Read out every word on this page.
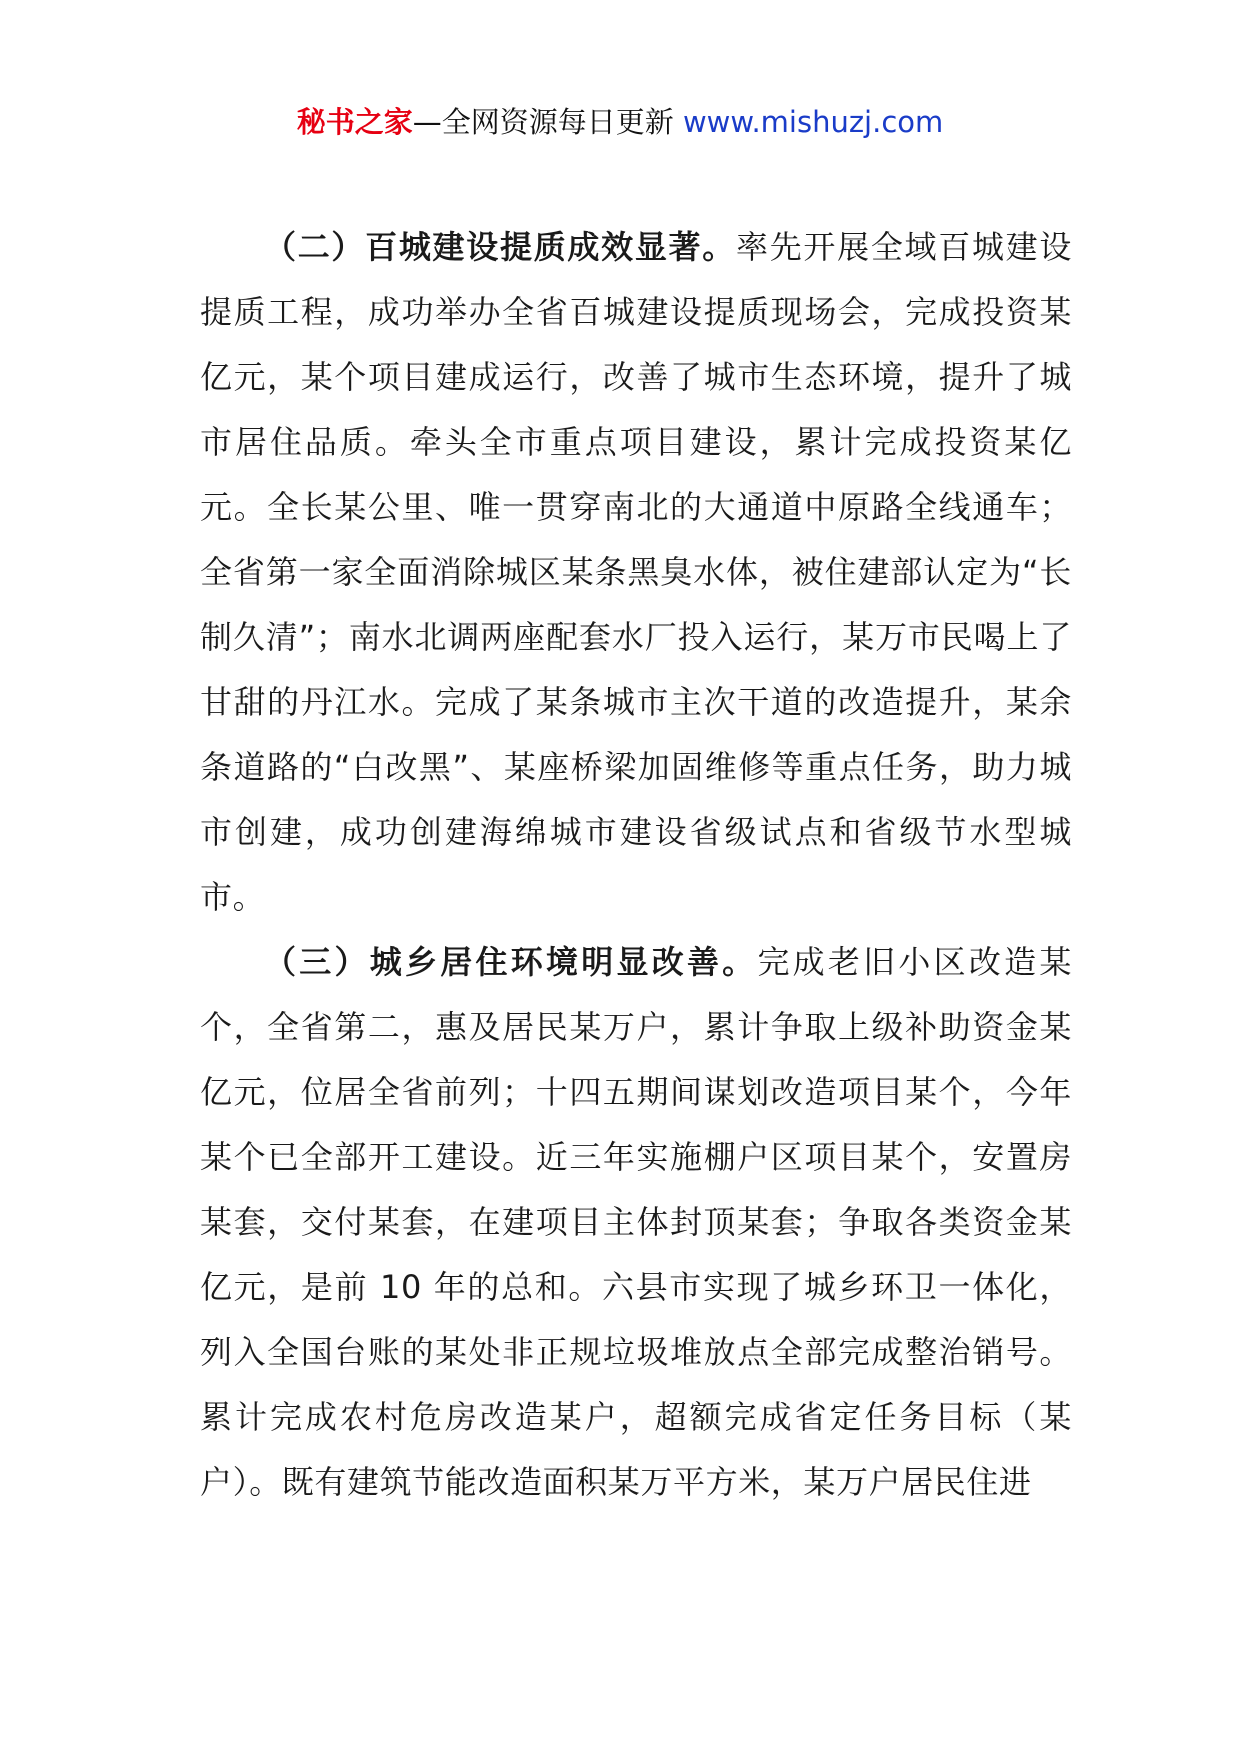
秘书之家—全网资源每日更新 www.mishuzj.com

（二）百城建设提质成效显著。率先开展全域百城建设提质工程，成功举办全省百城建设提质现场会，完成投资某亿元，某个项目建成运行，改善了城市生态环境，提升了城市居住品质。牵头全市重点项目建设，累计完成投资某亿元。全长某公里、唯一贯穿南北的大通道中原路全线通车；全省第一家全面消除城区某条黑臭水体，被住建部认定为“长制久清”；南水北调两座配套水厂投入运行，某万市民喝上了甘甜的丹江水。完成了某条城市主次干道的改造提升，某余条道路的“白改黑”、某座桥梁加固维修等重点任务，助力城市创建，成功创建海绵城市建设省级试点和省级节水型城市。

（三）城乡居住环境明显改善。完成老旧小区改造某个，全省第二，惠及居民某万户，累计争取上级补助资金某亿元，位居全省前列；十四五期间谋划改造项目某个，今年某个已全部开工建设。近三年实施棚户区项目某个，安置房某套，交付某套，在建项目主体封顶某套；争取各类资金某亿元，是前 10 年的总和。六县市实现了城乡环卫一体化，列入全国台账的某处非正规垃圾堆放点全部完成整治销号。累计完成农村危房改造某户，超额完成省定任务目标（某户）。既有建筑节能改造面积某万平方米，某万户居民住进
